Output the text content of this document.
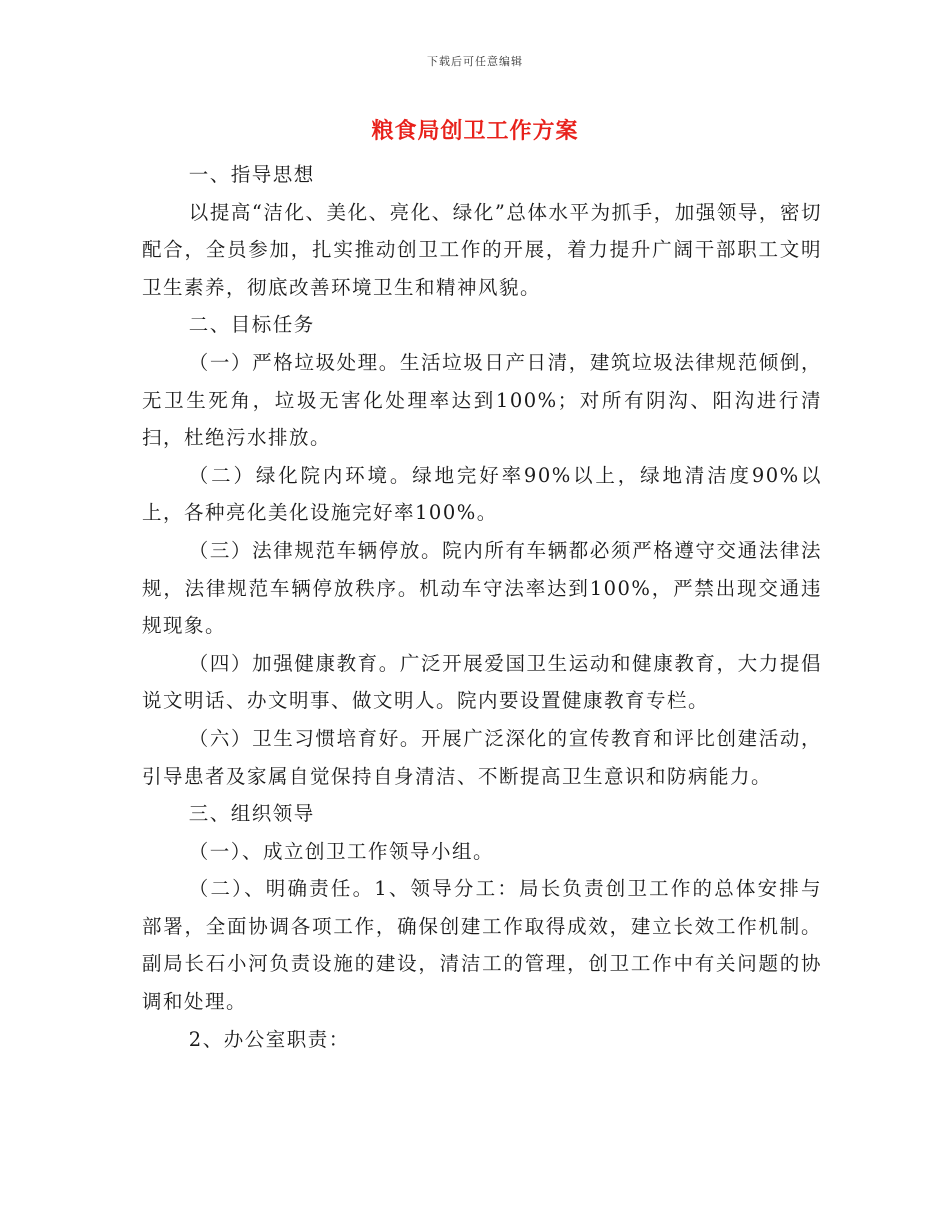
下载后可任意编辑
粮食局创卫工作方案

一、指导思想

以提高“洁化、美化、亮化、绿化”总体水平为抓手，加强领导，密切配合，全员参加，扎实推动创卫工作的开展，着力提升广阔干部职工文明卫生素养，彻底改善环境卫生和精神风貌。

二、目标任务

（一）严格垃圾处理。生活垃圾日产日清，建筑垃圾法律规范倾倒，无卫生死角，垃圾无害化处理率达到100%；对所有阴沟、阳沟进行清扫，杜绝污水排放。

（二）绿化院内环境。绿地完好率90%以上，绿地清洁度90%以上，各种亮化美化设施完好率100%。

（三）法律规范车辆停放。院内所有车辆都必须严格遵守交通法律法规，法律规范车辆停放秩序。机动车守法率达到100%，严禁出现交通违规现象。

（四）加强健康教育。广泛开展爱国卫生运动和健康教育，大力提倡说文明话、办文明事、做文明人。院内要设置健康教育专栏。

（六）卫生习惯培育好。开展广泛深化的宣传教育和评比创建活动，引导患者及家属自觉保持自身清洁、不断提高卫生意识和防病能力。

三、组织领导

（一）、成立创卫工作领导小组。

（二）、明确责任。1、领导分工：局长负责创卫工作的总体安排与部署，全面协调各项工作，确保创建工作取得成效，建立长效工作机制。副局长石小河负责设施的建设，清洁工的管理，创卫工作中有关问题的协调和处理。

2、办公室职责：
